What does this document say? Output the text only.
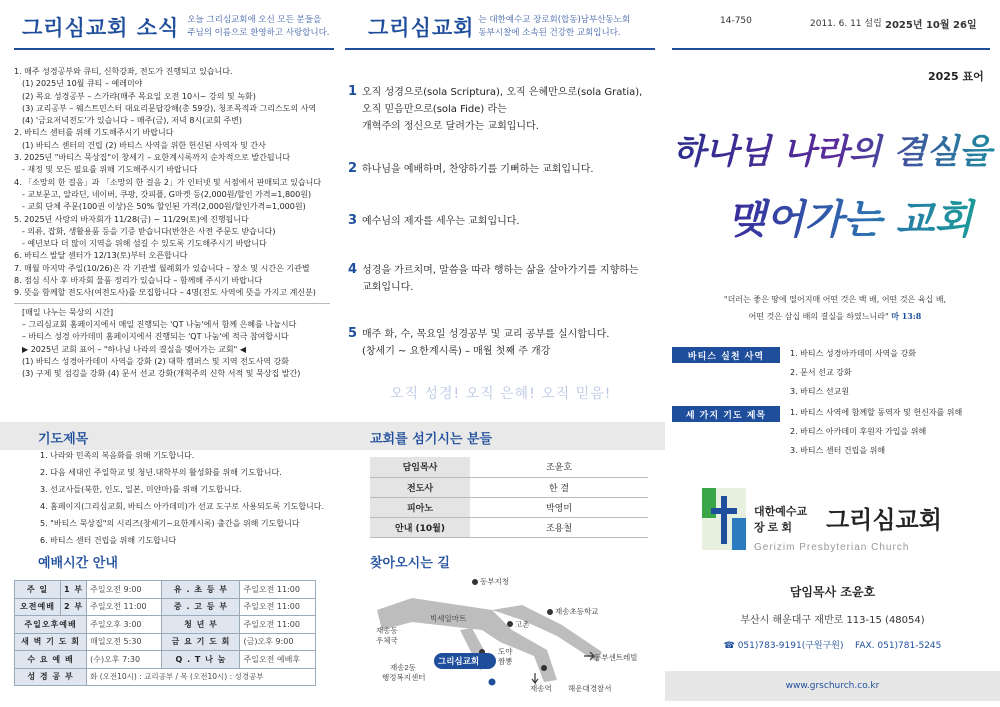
그리심교회 소식 오늘 그리심교회에 오신 모든 분들을
주님의 이름으로 환영하고 사랑합니다. 그리심교회 는 대한예수교 장로회(합동)남부산동노회
동부시찰에 소속된 건강한 교회입니다.
14-750	2011. 6. 11 설립 2025년 10월 26일

1. 매주 성경공부와 큐티, 신학강좌, 전도가 진행되고 있습니다.

(1) 2025년 10월 큐티 – 예레미야

(2) 목요 성경공부 – 스가랴(매주 목요일 오전 10시~ 강의 및 녹화)

(3) 교리공부 – 웨스트민스터 대요리문답강해(총 59강), 청조목적과 그리스도의 사역

(4) '금요저녁전도'가 있습니다 – 매주(금), 저녁 8시(교회 주변)

2. 바티스 센터를 위해 기도해주시기 바랍니다

(1) 바티스 센터의 건립 (2) 바티스 사역을 위한 헌신된 사역자 및 간사

3. 2025년 "바티스 묵상집"이 창세기 – 요한계시록까지 순차적으로 발간됩니다

- 재정 및 모든 필요를 위해 기도해주시기 바랍니다

4. 「소망의 한 걸음」과 「소망의 한 걸음 2」가 인터넷 및 서점에서 판매되고 있습니다

- 교보문고, 알라딘, 네이버, 쿠팡, 갓피플, G마켓 등(2,000원/할인 가격=1,800원)

- 교회 단체 주문(100권 이상)은 50% 할인된 가격(2,000원/할인가격=1,000원)

5. 2025년 사랑의 바자회가 11/28(금) ~ 11/29(토)에 진행됩니다

- 의류, 잡화, 생활용품 등을 기증 받습니다(반찬은 사전 주문도 받습니다)

- 예년보다 더 많이 지역을 위해 섬길 수 있도록 기도해주시기 바랍니다

6. 바티스 발달 센터가 12/13(토)부터 오픈합니다

7. 매월 마지막 주일(10/26)은 각 기관별 월례회가 있습니다 – 장소 및 시간은 기관별

8. 점심 식사 후 바자회 물품 정리가 있습니다 – 함께해 주시기 바랍니다

9. 뜻을 함께할 전도사(여전도사)를 모집합니다 – 4명(전도 사역에 뜻을 가지고 계신분)

[매일 나누는 묵상의 시간]

– 그리심교회 홈페이지에서 매일 진행되는 'QT 나눔'에서 함께 은혜를 나눕시다

– 바티스 성경 아카데미 홈페이지에서 진행되는 'QT 나눔'에 적극 참여합시다

▶ 2025년 교회 표어 – "하나님 나라의 결실을 맺어가는 교회" ◀

(1) 바티스 성경아카데미 사역을 강화 (2) 대학 캠퍼스 및 지역 전도사역 강화

(3) 구제 및 섬김을 강화 (4) 문서 선교 강화(개혁주의 신학 서적 및 묵상집 발간)

기도제목

1. 나라와 민족의 복음화를 위해 기도합니다.

2. 다음 세대인 주일학교 및 청년.대학부의 활성화를 위해 기도합니다.

3. 선교사들(북한, 인도, 일본, 미얀마)를 위해 기도합니다.

4. 홈페이지(그리심교회, 바티스 아카데미)가 선교 도구로 사용되도록 기도합니다.

5. "바티스 묵상집"의 시리즈(창세기~요한계시록) 출간을 위해 기도합니다

6. 바티스 센터 건립을 위해 기도합니다

예배시간 안내
주 일	1 부	주일오전 9:00	유 . 초 등 부	주일오전 11:00
오전예배	2 부	주일오전 11:00	중 . 고 등 부	주일오전 11:00
주일오후예배		주일오후 3:00	청 년 부	주일오전 11:00
새 벽 기 도 회		매일오전 5:30	금 요 기 도 회	(금)오후 9:00
수 요 예 배		(수)오후 7:30	Q . T 나 눔	주일오전 예배후
성 경 공 부		화 (오전10시) : 교리공부 / 목 (오전10시) : 성경공부		
1 오직 성경으로(sola Scriptura), 오직 은혜만으로(sola Gratia),
오직 믿음만으로(sola Fide) 라는
개혁주의 정신으로 달려가는 교회입니다.
2 하나님을 예배하며, 찬양하기를 기뻐하는 교회입니다.
3 예수님의 제자를 세우는 교회입니다.
4 성경을 가르치며, 말씀을 따라 행하는 삶을 살아가기를 지향하는
교회입니다.
5 매주 화, 수, 목요일 성경공부 및 교리 공부를 실시합니다.
(창세기 ~ 요한계시록) – 매월 첫째 주 개강
오직 성경! 오직 은혜! 오직 믿음!
교회를 섬기시는 분들
담임목사	조윤호
전도사	한 결
피아노	박영미
안내 (10월)	조용철
찾아오시는 길
동부지청
빅세일마트
재송초등학교
재송동
우체국
고촌
도야
짬뽕	동부센트레빌
재송2동
행정복지센터
그리심교회
재송역 해운대경찰서
2025 표어
하나님 나라의 결실을
맺어가는 교회
"더러는 좋은 땅에 떨어지매 어떤 것은 백 배, 어떤 것은 육십 배,
어떤 것은 삼십 배의 결실을 하였느니라" 마 13:8
바티스 실천 사역	1. 바티스 성경아카데미 사역을 강화

2. 문서 선교 강화

3. 바티스 선교원

세 가지 기도 제목	1. 바티스 사역에 함께할 동역자 및 헌신자를 위해

2. 바티스 아카데미 후원자 가입을 위해

3. 바티스 센터 건립을 위해

대한예수교
장 로 회 그리심교회
Gerizim Presbyterian Church
담임목사 조윤호
부산시 해운대구 재반로 113-15 (48054)
☎ 051)783-9191(구원구원) FAX. 051)781-5245
www.grschurch.co.kr
